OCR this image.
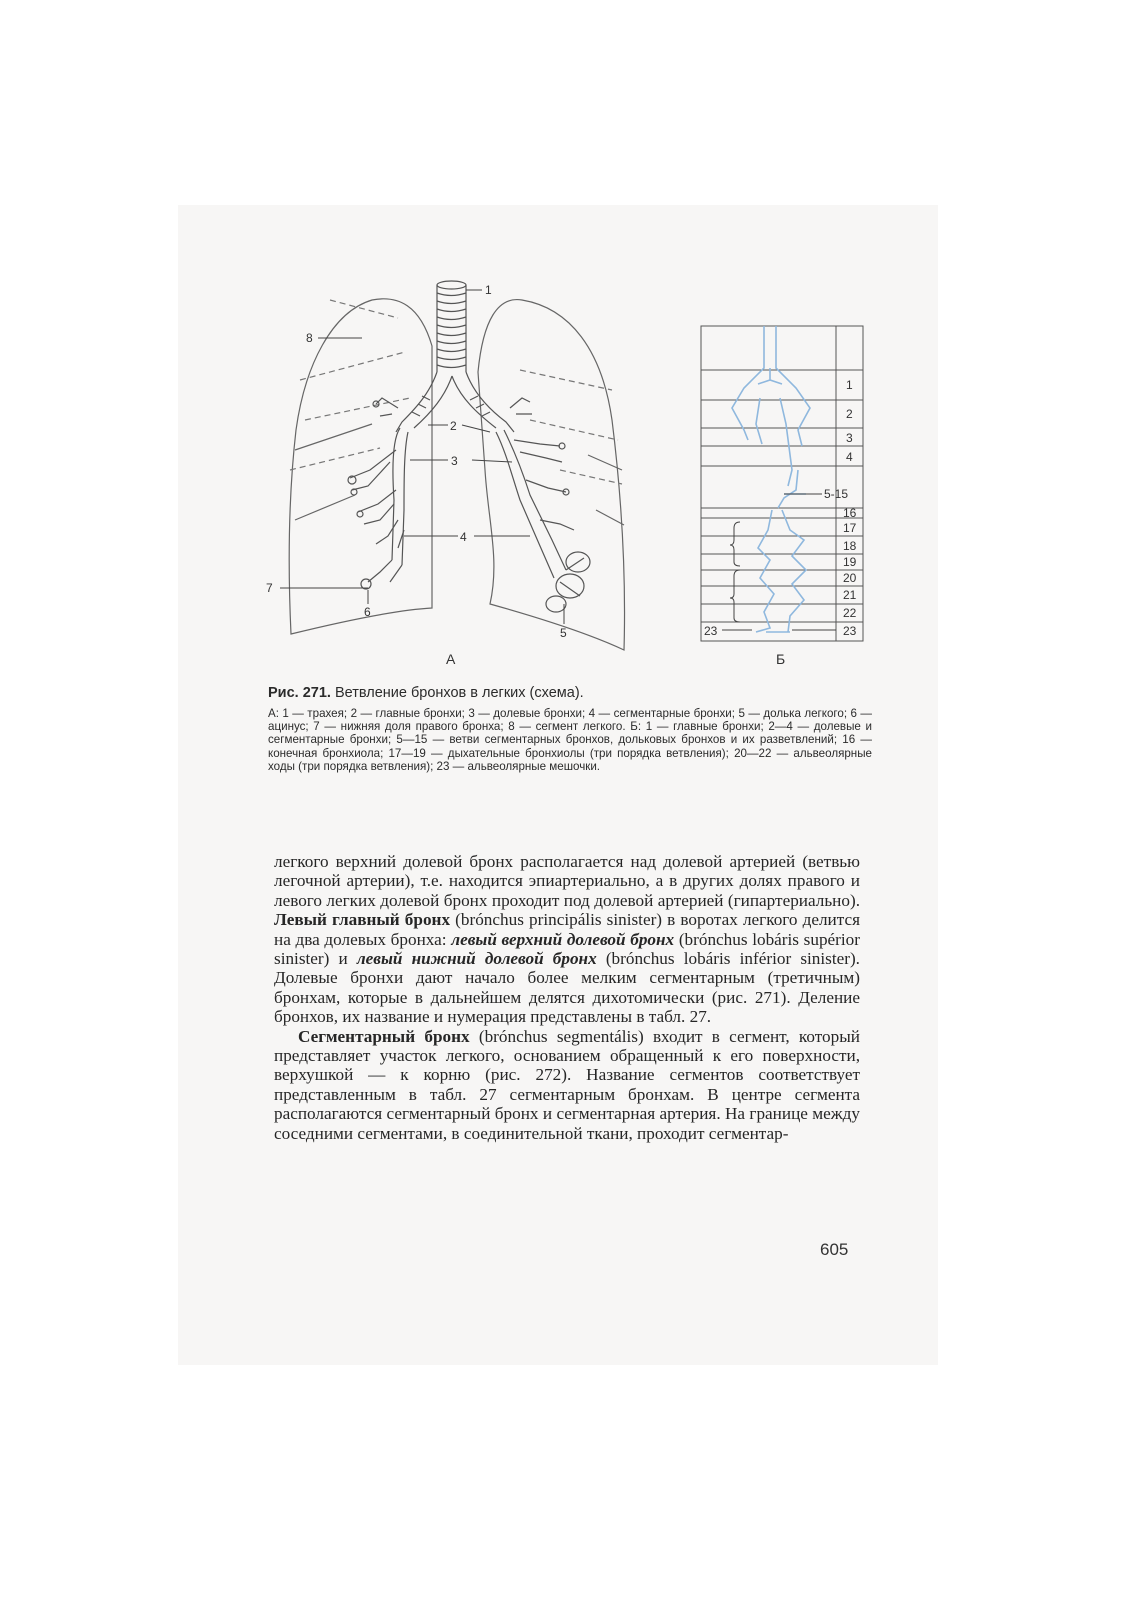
1
8
2
3
4
7
6
5
1
2
3
4
5-15
16
17
18
19
20
21
22
23
23
А	Б
Рис. 271. Ветвление бронхов в легких (схема).
А: 1 — трахея; 2 — главные бронхи; 3 — долевые бронхи; 4 — сегментарные бронхи; 5 — долька легкого; 6 — ацинус; 7 — нижняя доля правого бронха; 8 — сегмент легкого. Б: 1 — главные бронхи; 2—4 — долевые и сегментарные бронхи; 5—15 — ветви сегментарных бронхов, дольковых бронхов и их разветвлений; 16 — конечная бронхиола; 17—19 — дыхательные бронхиолы (три порядка ветвления); 20—22 — альвеолярные ходы (три порядка ветвления); 23 — альвеолярные мешочки.

легкого верхний долевой бронх располагается над долевой артерией (ветвью легочной артерии), т.е. находится эпиартериально, а в других долях правого и левого легких долевой бронх проходит под долевой артерией (гипартериально). Левый главный бронх (brónchus principális sinister) в воротах легкого делится на два долевых бронха: левый верхний долевой бронх (brónchus lobáris supérior sinister) и левый нижний долевой бронх (brónchus lobáris inférior sinister). Долевые бронхи дают начало более мелким сегментарным (третичным) бронхам, которые в дальнейшем делятся дихотомически (рис. 271). Деление бронхов, их название и нумерация представлены в табл. 27.

Сегментарный бронх (brónchus segmentális) входит в сегмент, который представляет участок легкого, основанием обращенный к его поверхности, верхушкой — к корню (рис. 272). Название сегментов соответствует представленным в табл. 27 сегментарным бронхам. В центре сегмента располагаются сегментарный бронх и сегментарная артерия. На границе между соседними сегментами, в соединительной ткани, проходит сегментар-

605
